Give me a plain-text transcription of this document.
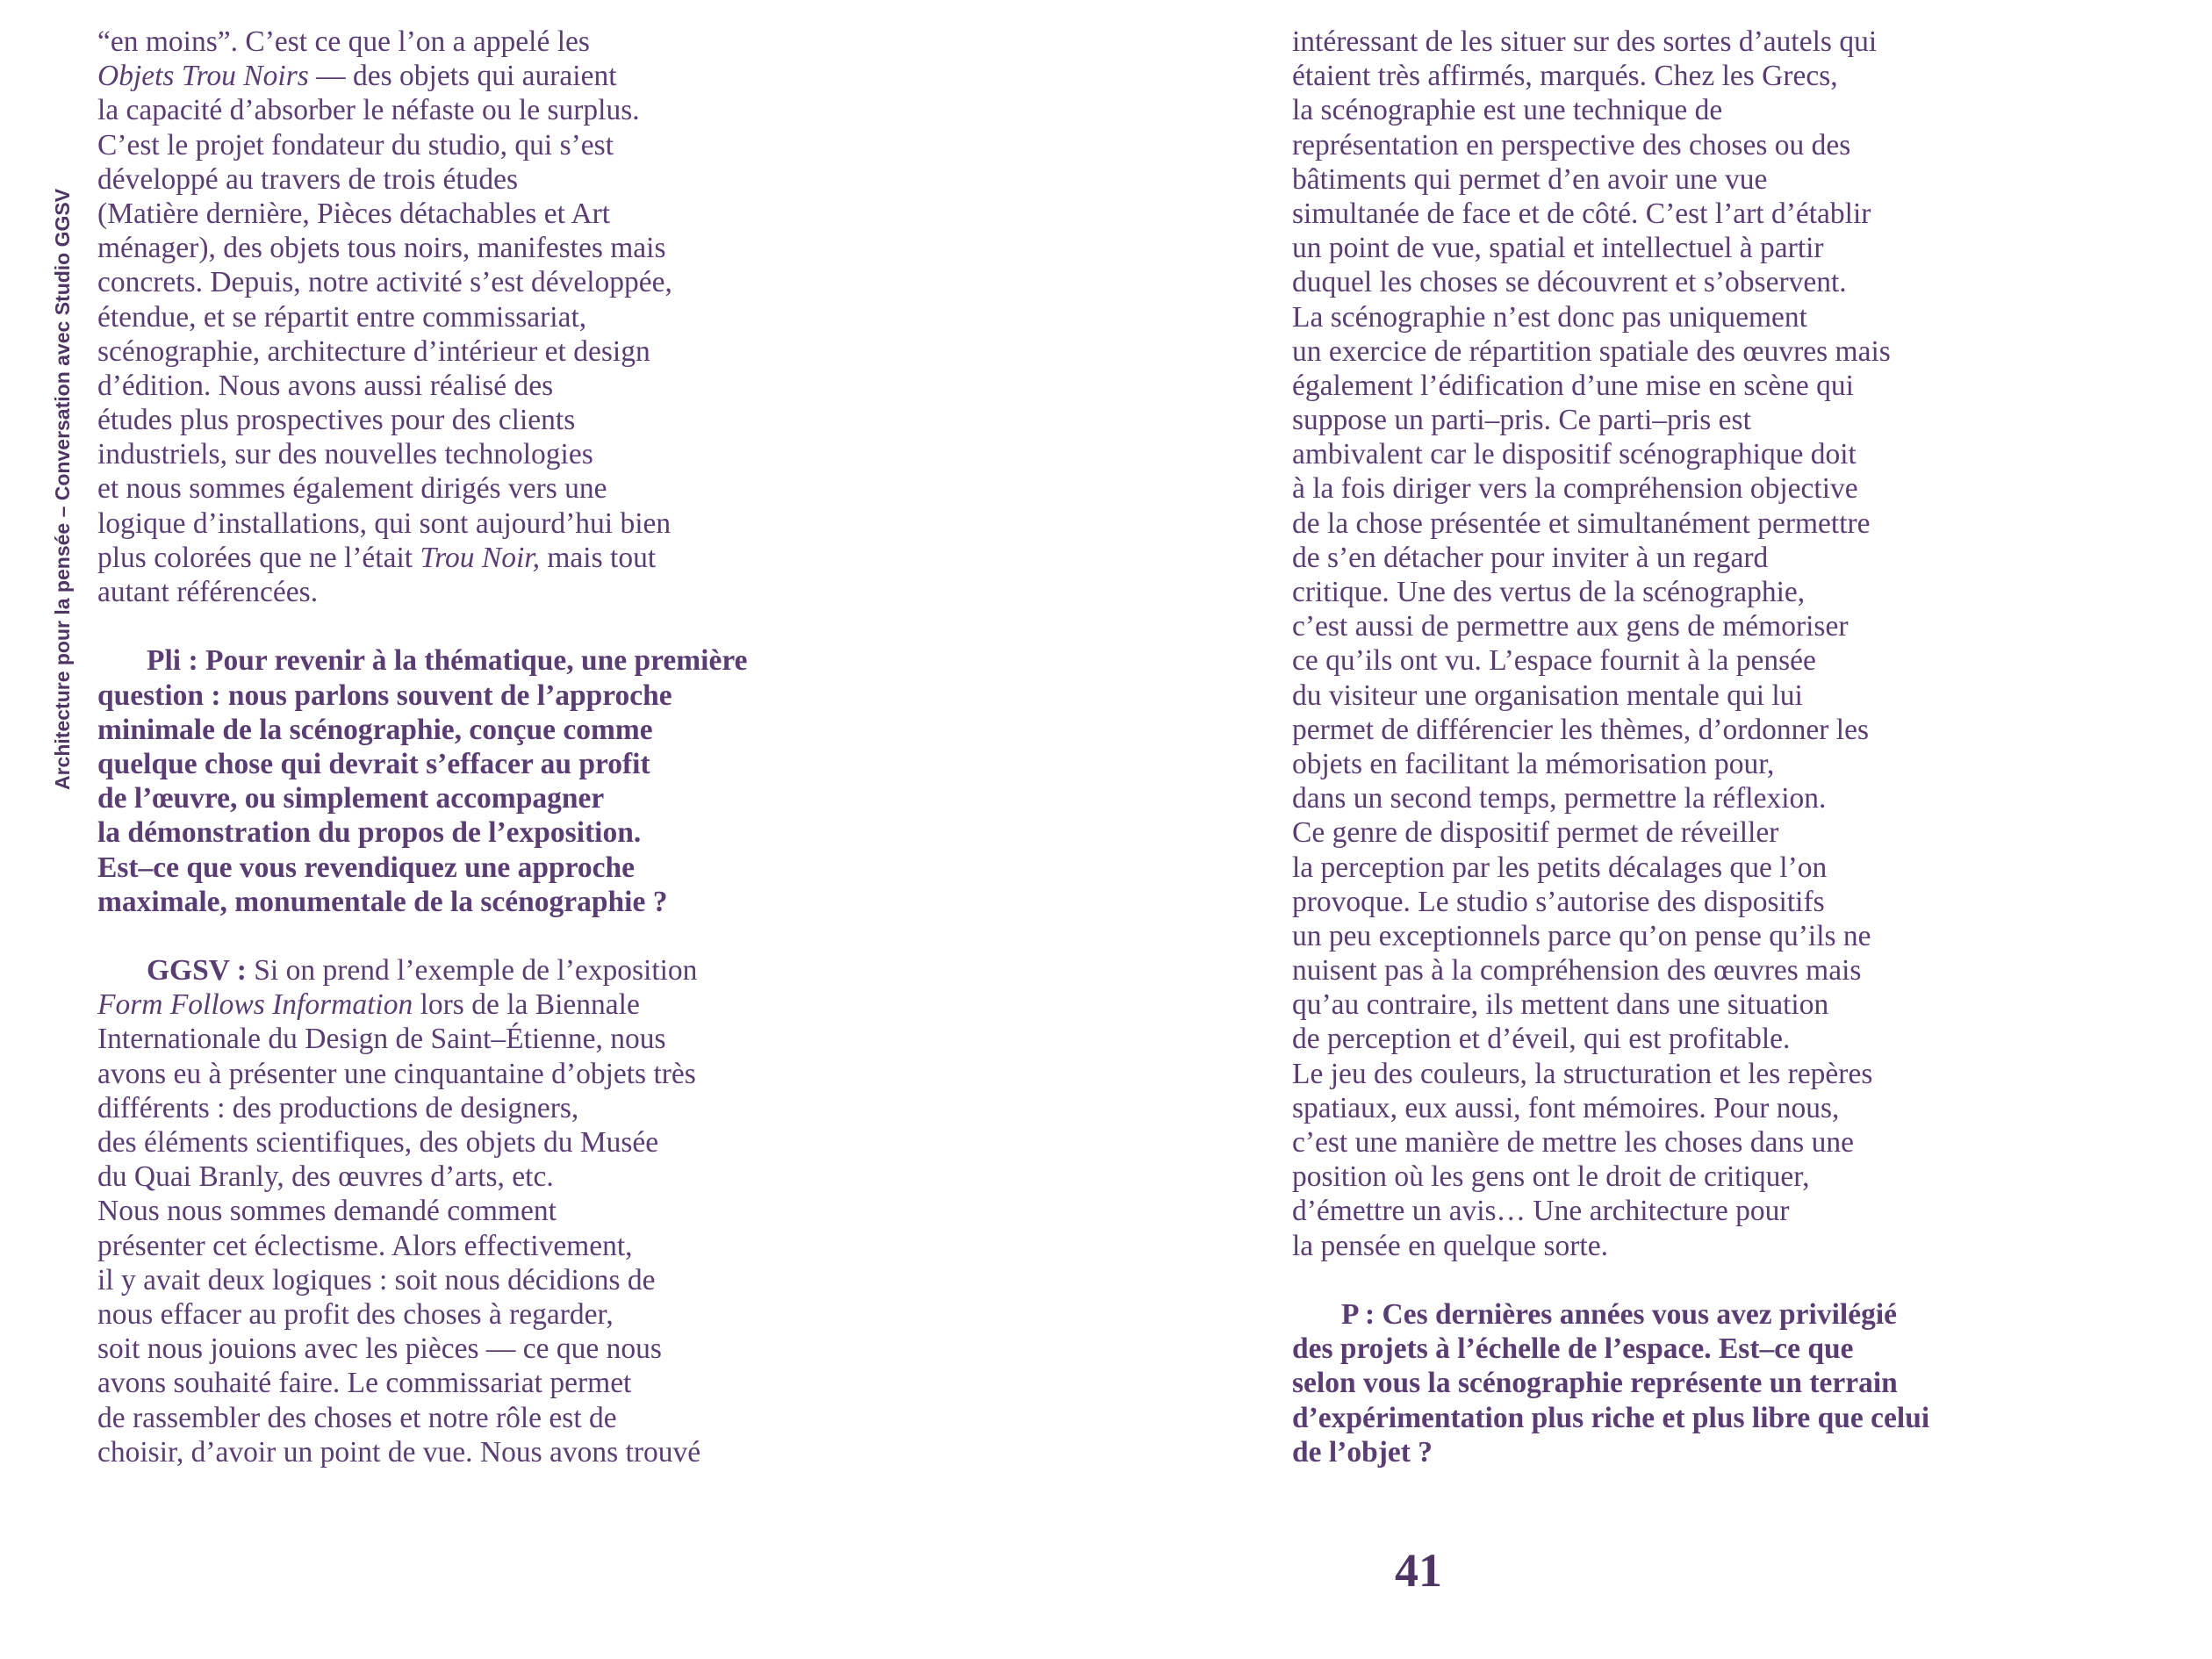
Architecture pour la pensée – Conversation avec Studio GGSV
“en moins”. C’est ce que l’on a appelé les
Objets Trou Noirs — des objets qui auraient
la capacité d’absorber le néfaste ou le surplus.
C’est le projet fondateur du studio, qui s’est
développé au travers de trois études
(Matière dernière, Pièces détachables et Art
ménager), des objets tous noirs, manifestes mais
concrets. Depuis, notre activité s’est développée,
étendue, et se répartit entre commissariat,
scénographie, architecture d’intérieur et design
d’édition. Nous avons aussi réalisé des
études plus prospectives pour des clients
industriels, sur des nouvelles technologies
et nous sommes également dirigés vers une
logique d’installations, qui sont aujourd’hui bien
plus colorées que ne l’était Trou Noir, mais tout
autant référencées.
Pli : Pour revenir à la thématique, une première
question : nous parlons souvent de l’approche
minimale de la scénographie, conçue comme
quelque chose qui devrait s’effacer au profit
de l’œuvre, ou simplement accompagner
la démonstration du propos de l’exposition.
Est–ce que vous revendiquez une approche
maximale, monumentale de la scénographie ?
GGSV : Si on prend l’exemple de l’exposition
Form Follows Information lors de la Biennale
Internationale du Design de Saint–Étienne, nous
avons eu à présenter une cinquantaine d’objets très
différents : des productions de designers,
des éléments scientifiques, des objets du Musée
du Quai Branly, des œuvres d’arts, etc.
Nous nous sommes demandé comment
présenter cet éclectisme. Alors effectivement,
il y avait deux logiques : soit nous décidions de
nous effacer au profit des choses à regarder,
soit nous jouions avec les pièces — ce que nous
avons souhaité faire. Le commissariat permet
de rassembler des choses et notre rôle est de
choisir, d’avoir un point de vue. Nous avons trouvé
intéressant de les situer sur des sortes d’autels qui
étaient très affirmés, marqués. Chez les Grecs,
la scénographie est une technique de
représentation en perspective des choses ou des
bâtiments qui permet d’en avoir une vue
simultanée de face et de côté. C’est l’art d’établir
un point de vue, spatial et intellectuel à partir
duquel les choses se découvrent et s’observent.
La scénographie n’est donc pas uniquement
un exercice de répartition spatiale des œuvres mais
également l’édification d’une mise en scène qui
suppose un parti–pris. Ce parti–pris est
ambivalent car le dispositif scénographique doit
à la fois diriger vers la compréhension objective
de la chose présentée et simultanément permettre
de s’en détacher pour inviter à un regard
critique. Une des vertus de la scénographie,
c’est aussi de permettre aux gens de mémoriser
ce qu’ils ont vu. L’espace fournit à la pensée
du visiteur une organisation mentale qui lui
permet de différencier les thèmes, d’ordonner les
objets en facilitant la mémorisation pour,
dans un second temps, permettre la réflexion.
Ce genre de dispositif permet de réveiller
la perception par les petits décalages que l’on
provoque. Le studio s’autorise des dispositifs
un peu exceptionnels parce qu’on pense qu’ils ne
nuisent pas à la compréhension des œuvres mais
qu’au contraire, ils mettent dans une situation
de perception et d’éveil, qui est profitable.
Le jeu des couleurs, la structuration et les repères
spatiaux, eux aussi, font mémoires. Pour nous,
c’est une manière de mettre les choses dans une
position où les gens ont le droit de critiquer,
d’émettre un avis… Une architecture pour
la pensée en quelque sorte.
P : Ces dernières années vous avez privilégié
des projets à l’échelle de l’espace. Est–ce que
selon vous la scénographie représente un terrain
d’expérimentation plus riche et plus libre que celui
de l’objet ?
41
